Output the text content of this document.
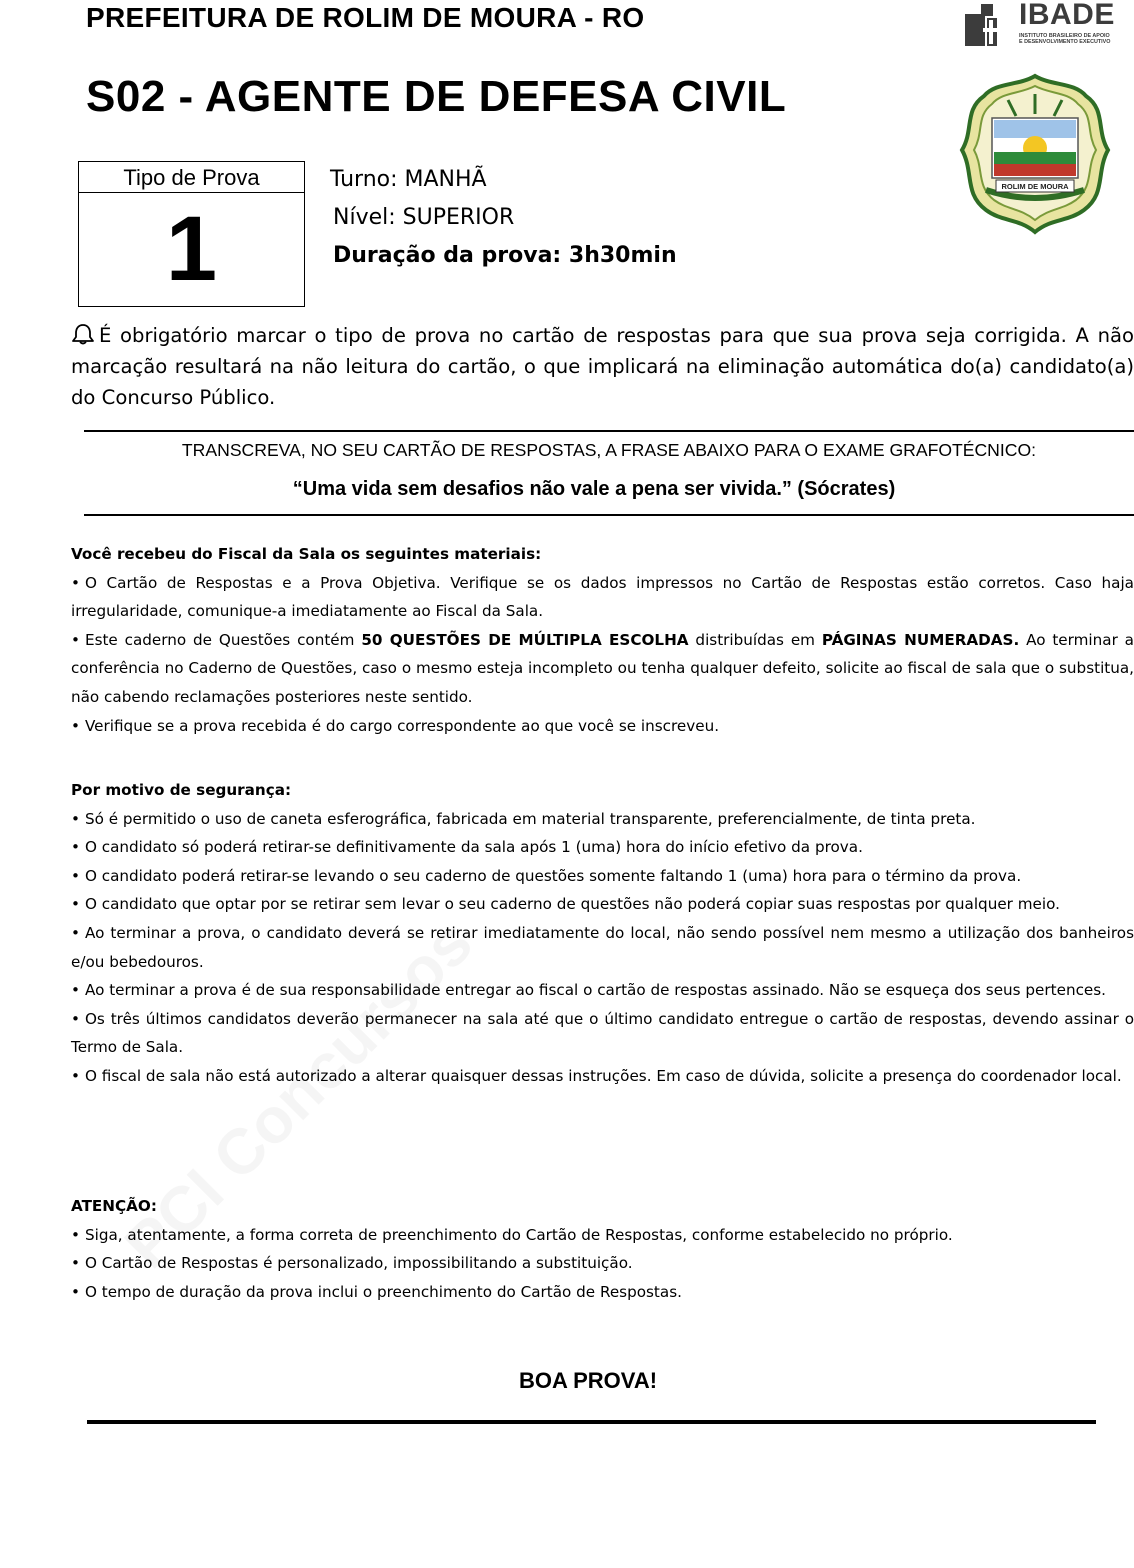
PREFEITURA DE ROLIM DE MOURA - RO
S02 - AGENTE DE DEFESA CIVIL
IBADE
INSTITUTO BRASILEIRO DE APOIO
E DESENVOLVIMENTO EXECUTIVO
ROLIM DE MOURA
Tipo de Prova
1
Turno: MANHÃ
Nível: SUPERIOR
Duração da prova: 3h30min
É obrigatório marcar o tipo de prova no cartão de respostas para que sua prova seja corrigida. A não marcação resultará na não leitura do cartão, o que implicará na eliminação automática do(a) candidato(a) do Concurso Público.
TRANSCREVA, NO SEU CARTÃO DE RESPOSTAS, A FRASE ABAIXO PARA O EXAME GRAFOTÉCNICO:
“Uma vida sem desafios não vale a pena ser vivida.” (Sócrates)
Você recebeu do Fiscal da Sala os seguintes materiais:
• O Cartão de Respostas e a Prova Objetiva. Verifique se os dados impressos no Cartão de Respostas estão corretos. Caso haja irregularidade, comunique-a imediatamente ao Fiscal da Sala.
• Este caderno de Questões contém 50 QUESTÕES DE MÚLTIPLA ESCOLHA distribuídas em PÁGINAS NUMERADAS. Ao terminar a conferência no Caderno de Questões, caso o mesmo esteja incompleto ou tenha qualquer defeito, solicite ao fiscal de sala que o substitua, não cabendo reclamações posteriores neste sentido.
• Verifique se a prova recebida é do cargo correspondente ao que você se inscreveu.
Por motivo de segurança:
• Só é permitido o uso de caneta esferográfica, fabricada em material transparente, preferencialmente, de tinta preta.
• O candidato só poderá retirar-se definitivamente da sala após 1 (uma) hora do início efetivo da prova.
• O candidato poderá retirar-se levando o seu caderno de questões somente faltando 1 (uma) hora para o término da prova.
• O candidato que optar por se retirar sem levar o seu caderno de questões não poderá copiar suas respostas por qualquer meio.
• Ao terminar a prova, o candidato deverá se retirar imediatamente do local, não sendo possível nem mesmo a utilização dos banheiros e/ou bebedouros.
• Ao terminar a prova é de sua responsabilidade entregar ao fiscal o cartão de respostas assinado. Não se esqueça dos seus pertences.
• Os três últimos candidatos deverão permanecer na sala até que o último candidato entregue o cartão de respostas, devendo assinar o Termo de Sala.
• O fiscal de sala não está autorizado a alterar quaisquer dessas instruções. Em caso de dúvida, solicite a presença do coordenador local.
ATENÇÃO:
• Siga, atentamente, a forma correta de preenchimento do Cartão de Respostas, conforme estabelecido no próprio.
• O Cartão de Respostas é personalizado, impossibilitando a substituição.
• O tempo de duração da prova inclui o preenchimento do Cartão de Respostas.
BOA PROVA!
